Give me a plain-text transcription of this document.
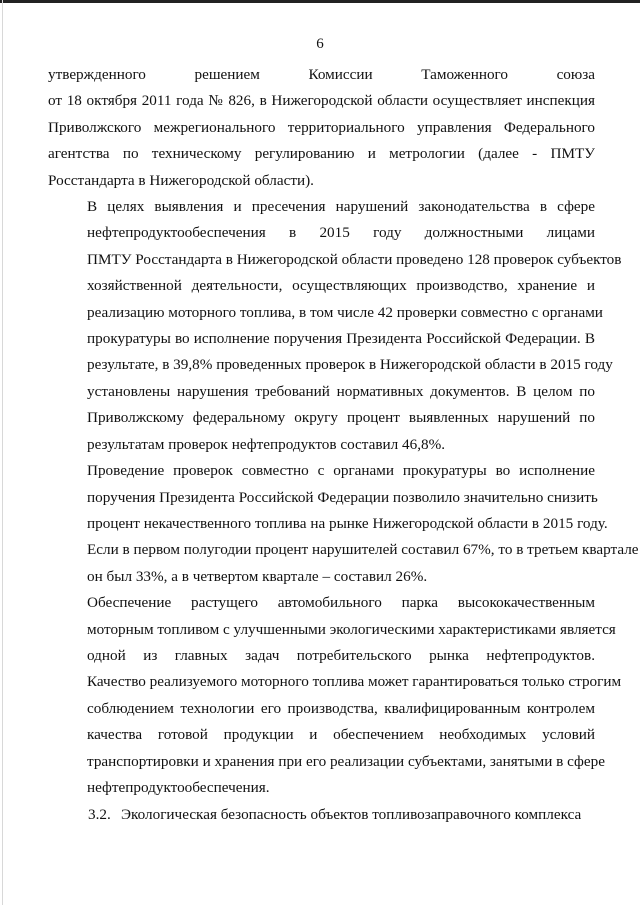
6

утвержденного решением Комиссии Таможенного союза
от 18 октября 2011 года № 826, в Нижегородской области осуществляет инспекция
Приволжского межрегионального территориального управления Федерального
агентства по техническому регулированию и метрологии (далее - ПМТУ
Росстандарта в Нижегородской области).

В целях выявления и пресечения нарушений законодательства в сфере
нефтепродуктообеспечения в 2015 году должностными лицами
ПМТУ Росстандарта в Нижегородской области проведено 128 проверок субъектов
хозяйственной деятельности, осуществляющих производство, хранение и
реализацию моторного топлива, в том числе 42 проверки совместно с органами
прокуратуры во исполнение поручения Президента Российской Федерации. В
результате, в 39,8% проведенных проверок в Нижегородской области в 2015 году
установлены нарушения требований нормативных документов. В целом по
Приволжскому федеральному округу процент выявленных нарушений по
результатам проверок нефтепродуктов составил 46,8%.

Проведение проверок совместно с органами прокуратуры во исполнение
поручения Президента Российской Федерации позволило значительно снизить
процент некачественного топлива на рынке Нижегородской области в 2015 году.
Если в первом полугодии процент нарушителей составил 67%, то в третьем квартале
он был 33%, а в четвертом квартале – составил 26%.

Обеспечение растущего автомобильного парка высококачественным
моторным топливом с улучшенными экологическими характеристиками является
одной из главных задач потребительского рынка нефтепродуктов.
Качество реализуемого моторного топлива может гарантироваться только строгим
соблюдением технологии его производства, квалифицированным контролем
качества готовой продукции и обеспечением необходимых условий
транспортировки и хранения при его реализации субъектами, занятыми в сфере
нефтепродуктообеспечения.

3.2. Экологическая безопасность объектов топливозаправочного комплекса
